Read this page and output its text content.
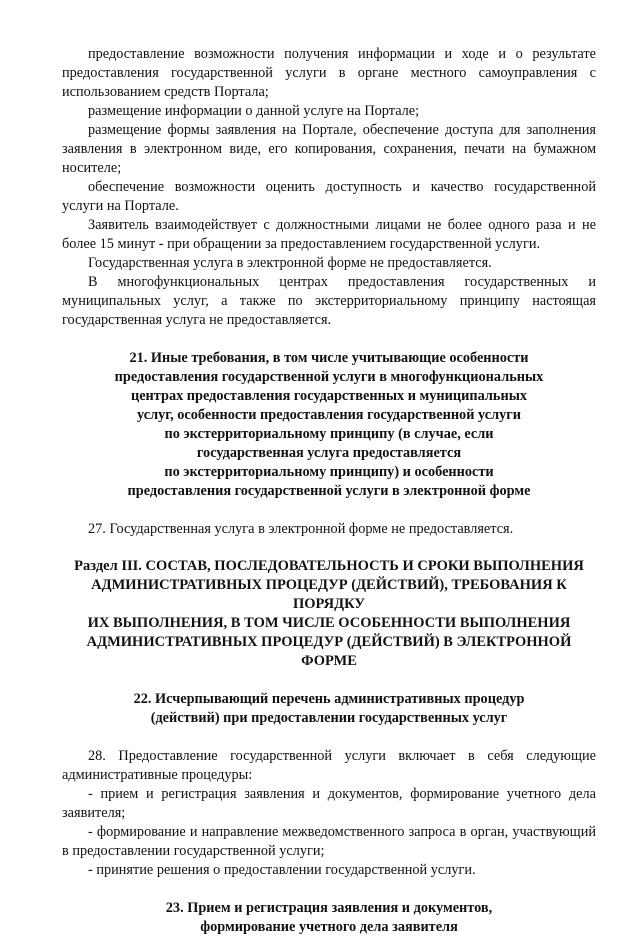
предоставление возможности получения информации и ходе и о результате предоставления государственной услуги в органе местного самоуправления с использованием средств Портала;

размещение информации о данной услуге на Портале;

размещение формы заявления на Портале, обеспечение доступа для заполнения заявления в электронном виде, его копирования, сохранения, печати на бумажном носителе;

обеспечение возможности оценить доступность и качество государственной услуги на Портале.

Заявитель взаимодействует с должностными лицами не более одного раза и не более 15 минут - при обращении за предоставлением государственной услуги.

Государственная услуга в электронной форме не предоставляется.

В многофункциональных центрах предоставления государственных и муниципальных услуг, а также по экстерриториальному принципу настоящая государственная услуга не предоставляется.

21. Иные требования, в том числе учитывающие особенности
предоставления государственной услуги в многофункциональных
центрах предоставления государственных и муниципальных
услуг, особенности предоставления государственной услуги
по экстерриториальному принципу (в случае, если
государственная услуга предоставляется
по экстерриториальному принципу) и особенности
предоставления государственной услуги в электронной форме

27. Государственная услуга в электронной форме не предоставляется.

Раздел III. СОСТАВ, ПОСЛЕДОВАТЕЛЬНОСТЬ И СРОКИ ВЫПОЛНЕНИЯ
АДМИНИСТРАТИВНЫХ ПРОЦЕДУР (ДЕЙСТВИЙ), ТРЕБОВАНИЯ К
ПОРЯДКУ
ИХ ВЫПОЛНЕНИЯ, В ТОМ ЧИСЛЕ ОСОБЕННОСТИ ВЫПОЛНЕНИЯ
АДМИНИСТРАТИВНЫХ ПРОЦЕДУР (ДЕЙСТВИЙ) В ЭЛЕКТРОННОЙ
ФОРМЕ
22. Исчерпывающий перечень административных процедур
(действий) при предоставлении государственных услуг

28. Предоставление государственной услуги включает в себя следующие административные процедуры:

- прием и регистрация заявления и документов, формирование учетного дела заявителя;

- формирование и направление межведомственного запроса в орган, участвующий в предоставлении государственной услуги;

- принятие решения о предоставлении государственной услуги.

23. Прием и регистрация заявления и документов,
формирование учетного дела заявителя
